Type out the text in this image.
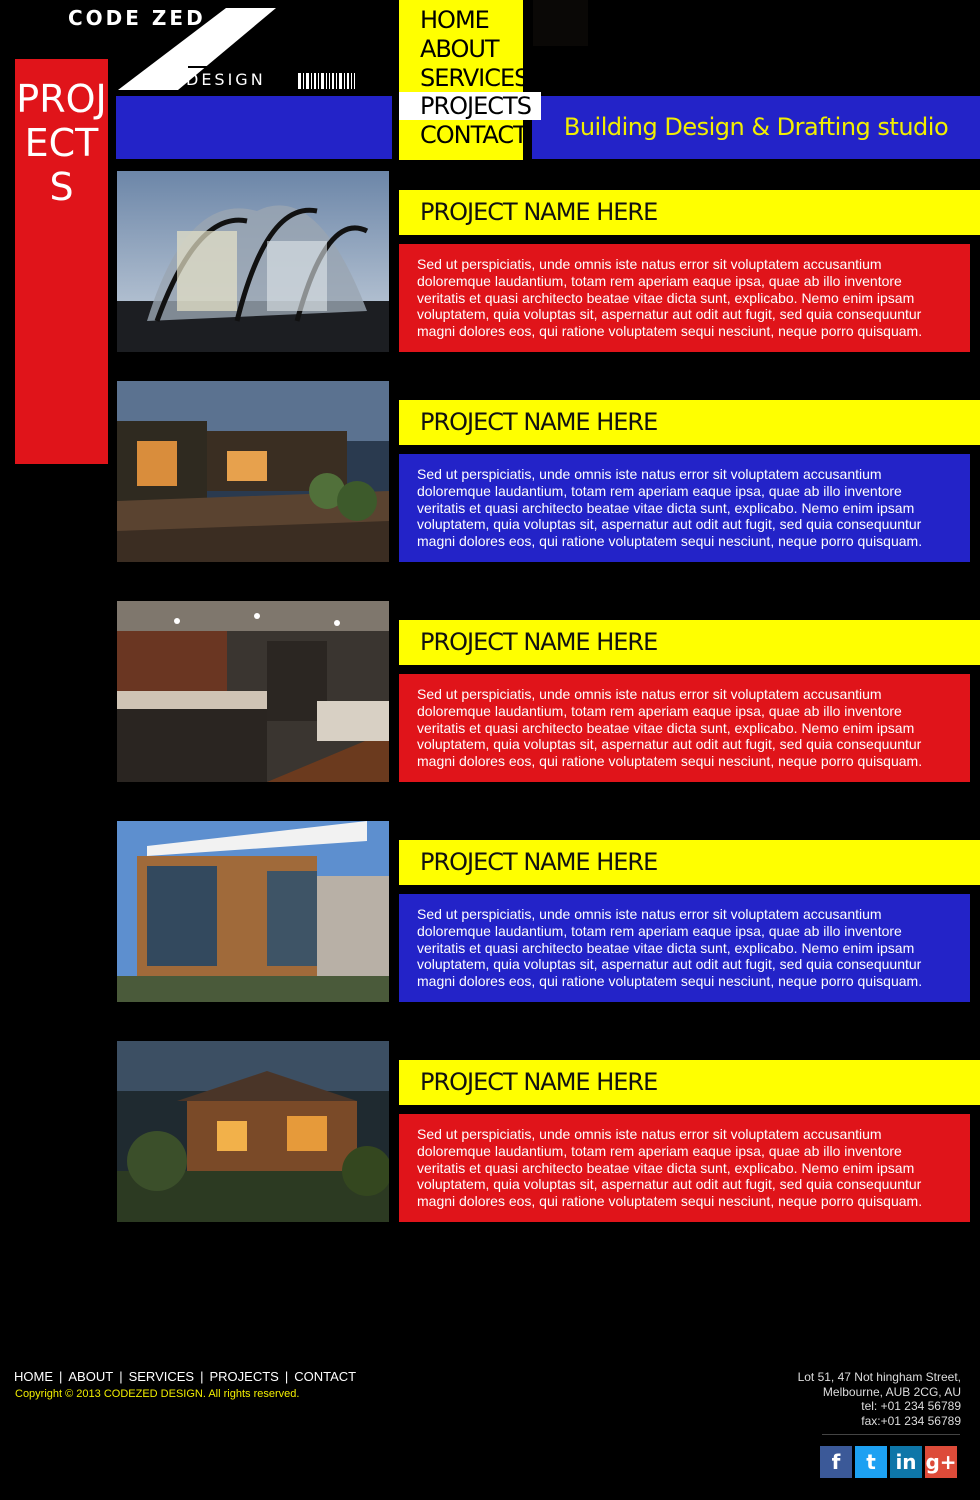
CODE ZED
DESIGN
PROJECTS
Building Design & Drafting studio
HOME
ABOUT
SERVICES
PROJECTS
CONTACT
PROJECT NAME HERE
Sed ut perspiciatis, unde omnis iste natus error sit voluptatem accusantium doloremque laudantium, totam rem aperiam eaque ipsa, quae ab illo inventore veritatis et quasi architecto beatae vitae dicta sunt, explicabo. Nemo enim ipsam voluptatem, quia voluptas sit, aspernatur aut odit aut fugit, sed quia consequuntur magni dolores eos, qui ratione voluptatem sequi nesciunt, neque porro quisquam.
PROJECT NAME HERE
Sed ut perspiciatis, unde omnis iste natus error sit voluptatem accusantium doloremque laudantium, totam rem aperiam eaque ipsa, quae ab illo inventore veritatis et quasi architecto beatae vitae dicta sunt, explicabo. Nemo enim ipsam voluptatem, quia voluptas sit, aspernatur aut odit aut fugit, sed quia consequuntur magni dolores eos, qui ratione voluptatem sequi nesciunt, neque porro quisquam.
PROJECT NAME HERE
Sed ut perspiciatis, unde omnis iste natus error sit voluptatem accusantium doloremque laudantium, totam rem aperiam eaque ipsa, quae ab illo inventore veritatis et quasi architecto beatae vitae dicta sunt, explicabo. Nemo enim ipsam voluptatem, quia voluptas sit, aspernatur aut odit aut fugit, sed quia consequuntur magni dolores eos, qui ratione voluptatem sequi nesciunt, neque porro quisquam.
PROJECT NAME HERE
Sed ut perspiciatis, unde omnis iste natus error sit voluptatem accusantium doloremque laudantium, totam rem aperiam eaque ipsa, quae ab illo inventore veritatis et quasi architecto beatae vitae dicta sunt, explicabo. Nemo enim ipsam voluptatem, quia voluptas sit, aspernatur aut odit aut fugit, sed quia consequuntur magni dolores eos, qui ratione voluptatem sequi nesciunt, neque porro quisquam.
PROJECT NAME HERE
Sed ut perspiciatis, unde omnis iste natus error sit voluptatem accusantium doloremque laudantium, totam rem aperiam eaque ipsa, quae ab illo inventore veritatis et quasi architecto beatae vitae dicta sunt, explicabo. Nemo enim ipsam voluptatem, quia voluptas sit, aspernatur aut odit aut fugit, sed quia consequuntur magni dolores eos, qui ratione voluptatem sequi nesciunt, neque porro quisquam.
HOME | ABOUT | SERVICES | PROJECTS | CONTACT
Copyright © 2013 CODEZED DESIGN. All rights reserved.
Lot 51, 47 Not hingham Street,
Melbourne, AUB 2CG, AU
tel: +01 234 56789
fax:+01 234 56789
f	t in g+
